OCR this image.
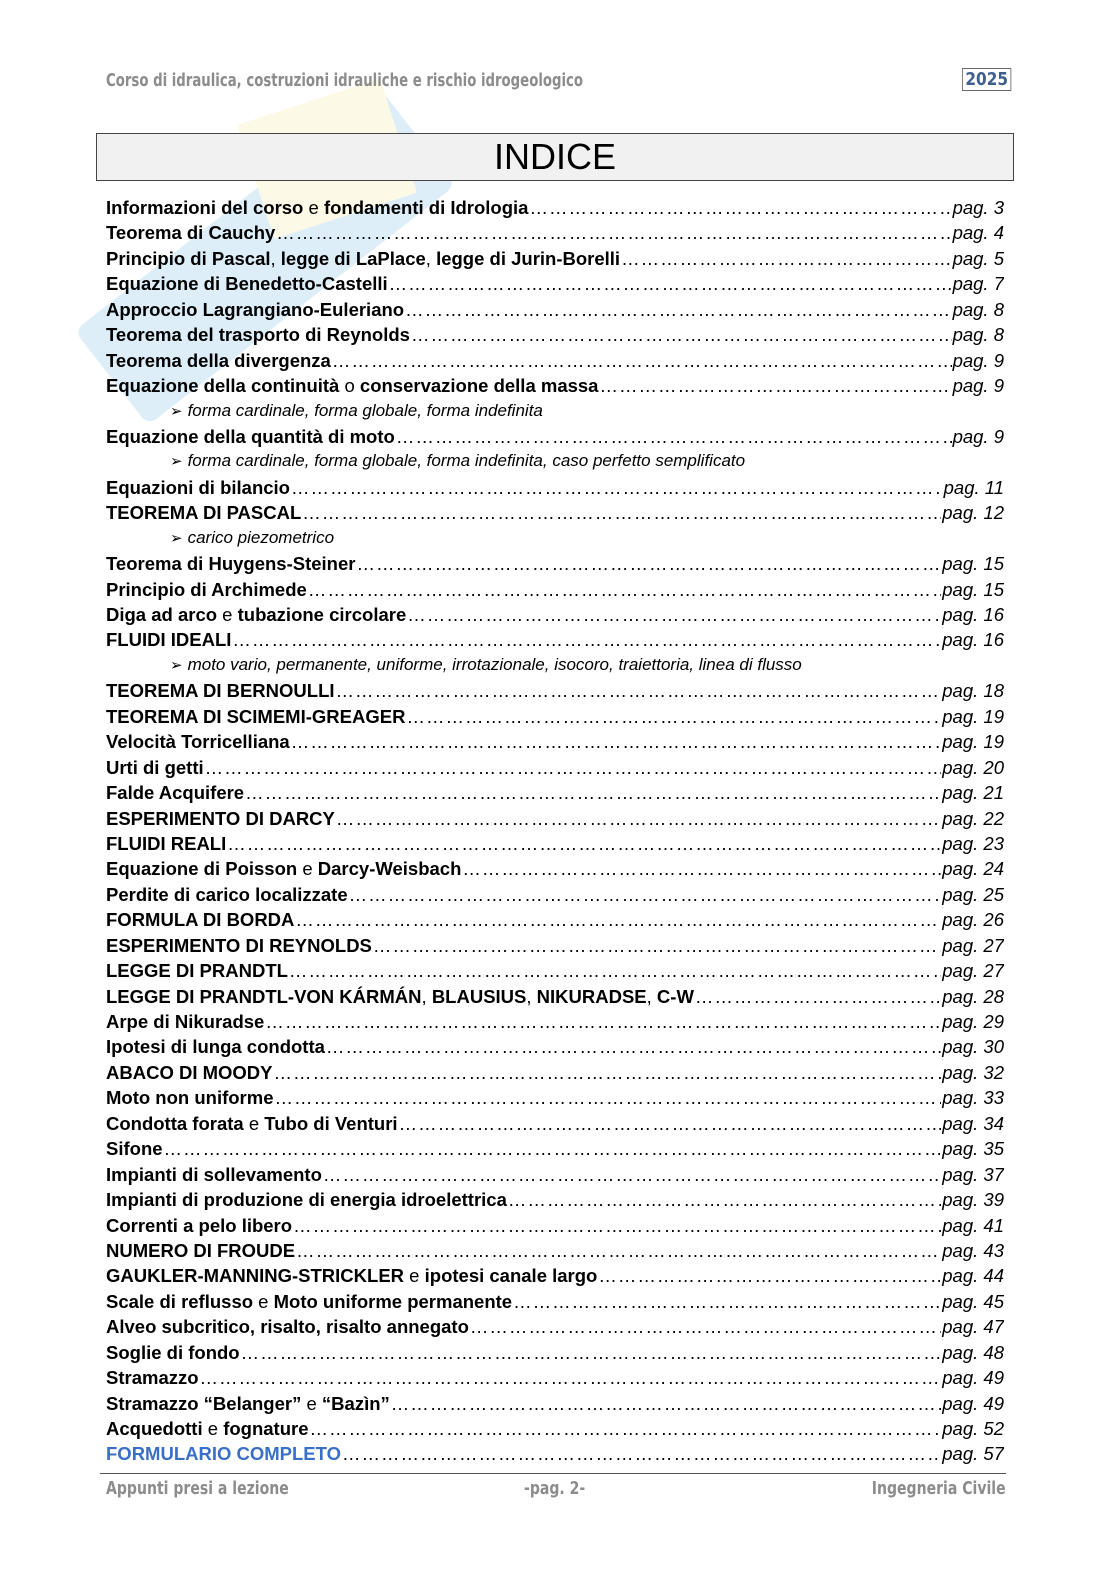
Corso di idraulica, costruzioni idrauliche e rischio idrogeologico	2025
INDICE
Informazioni del corso e fondamenti di Idrologia ……………………………………………………………………………………………………………………………………………………………………………………………………	pag. 3
Teorema di Cauchy ……………………………………………………………………………………………………………………………………………………………………………………………………	pag. 4
Principio di Pascal, legge di LaPlace, legge di Jurin-Borelli ……………………………………………………………………………………………………………………………………………………………………………………………………	pag. 5
Equazione di Benedetto-Castelli ……………………………………………………………………………………………………………………………………………………………………………………………………	pag. 7
Approccio Lagrangiano-Euleriano ……………………………………………………………………………………………………………………………………………………………………………………………………	pag. 8
Teorema del trasporto di Reynolds ……………………………………………………………………………………………………………………………………………………………………………………………………	pag. 8
Teorema della divergenza ……………………………………………………………………………………………………………………………………………………………………………………………………	pag. 9
Equazione della continuità o conservazione della massa ……………………………………………………………………………………………………………………………………………………………………………………………………	pag. 9
➢ forma cardinale, forma globale, forma indefinita
Equazione della quantità di moto ……………………………………………………………………………………………………………………………………………………………………………………………………	pag. 9
➢ forma cardinale, forma globale, forma indefinita, caso perfetto semplificato
Equazioni di bilancio ……………………………………………………………………………………………………………………………………………………………………………………………………	pag. 11
TEOREMA DI PASCAL ……………………………………………………………………………………………………………………………………………………………………………………………………	pag. 12
➢ carico piezometrico
Teorema di Huygens-Steiner ……………………………………………………………………………………………………………………………………………………………………………………………………	pag. 15
Principio di Archimede ……………………………………………………………………………………………………………………………………………………………………………………………………	pag. 15
Diga ad arco e tubazione circolare ……………………………………………………………………………………………………………………………………………………………………………………………………	pag. 16
FLUIDI IDEALI ……………………………………………………………………………………………………………………………………………………………………………………………………	pag. 16
➢ moto vario, permanente, uniforme, irrotazionale, isocoro, traiettoria, linea di flusso
TEOREMA DI BERNOULLI ……………………………………………………………………………………………………………………………………………………………………………………………………	pag. 18
TEOREMA DI SCIMEMI-GREAGER ……………………………………………………………………………………………………………………………………………………………………………………………………	pag. 19
Velocità Torricelliana ……………………………………………………………………………………………………………………………………………………………………………………………………	pag. 19
Urti di getti ……………………………………………………………………………………………………………………………………………………………………………………………………	pag. 20
Falde Acquifere ……………………………………………………………………………………………………………………………………………………………………………………………………	pag. 21
ESPERIMENTO DI DARCY ……………………………………………………………………………………………………………………………………………………………………………………………………	pag. 22
FLUIDI REALI ……………………………………………………………………………………………………………………………………………………………………………………………………	pag. 23
Equazione di Poisson e Darcy-Weisbach ……………………………………………………………………………………………………………………………………………………………………………………………………	pag. 24
Perdite di carico localizzate ……………………………………………………………………………………………………………………………………………………………………………………………………	pag. 25
FORMULA DI BORDA ……………………………………………………………………………………………………………………………………………………………………………………………………	pag. 26
ESPERIMENTO DI REYNOLDS ……………………………………………………………………………………………………………………………………………………………………………………………………	pag. 27
LEGGE DI PRANDTL ……………………………………………………………………………………………………………………………………………………………………………………………………	pag. 27
LEGGE DI PRANDTL-VON KÁRMÁN, BLAUSIUS, NIKURADSE, C-W ……………………………………………………………………………………………………………………………………………………………………………………………………	pag. 28
Arpe di Nikuradse ……………………………………………………………………………………………………………………………………………………………………………………………………	pag. 29
Ipotesi di lunga condotta ……………………………………………………………………………………………………………………………………………………………………………………………………	pag. 30
ABACO DI MOODY ……………………………………………………………………………………………………………………………………………………………………………………………………	pag. 32
Moto non uniforme ……………………………………………………………………………………………………………………………………………………………………………………………………	pag. 33
Condotta forata e Tubo di Venturi ……………………………………………………………………………………………………………………………………………………………………………………………………	pag. 34
Sifone ……………………………………………………………………………………………………………………………………………………………………………………………………	pag. 35
Impianti di sollevamento ……………………………………………………………………………………………………………………………………………………………………………………………………	pag. 37
Impianti di produzione di energia idroelettrica ……………………………………………………………………………………………………………………………………………………………………………………………………	pag. 39
Correnti a pelo libero ……………………………………………………………………………………………………………………………………………………………………………………………………	pag. 41
NUMERO DI FROUDE ……………………………………………………………………………………………………………………………………………………………………………………………………	pag. 43
GAUKLER-MANNING-STRICKLER e ipotesi canale largo ……………………………………………………………………………………………………………………………………………………………………………………………………	pag. 44
Scale di reflusso e Moto uniforme permanente ……………………………………………………………………………………………………………………………………………………………………………………………………	pag. 45
Alveo subcritico, risalto, risalto annegato ……………………………………………………………………………………………………………………………………………………………………………………………………	pag. 47
Soglie di fondo ……………………………………………………………………………………………………………………………………………………………………………………………………	pag. 48
Stramazzo ……………………………………………………………………………………………………………………………………………………………………………………………………	pag. 49
Stramazzo “Belanger” e “Bazìn” ……………………………………………………………………………………………………………………………………………………………………………………………………	pag. 49
Acquedotti e fognature ……………………………………………………………………………………………………………………………………………………………………………………………………	pag. 52
FORMULARIO COMPLETO ……………………………………………………………………………………………………………………………………………………………………………………………………	pag. 57
Appunti presi a lezione	-pag. 2-	Ingegneria Civile
